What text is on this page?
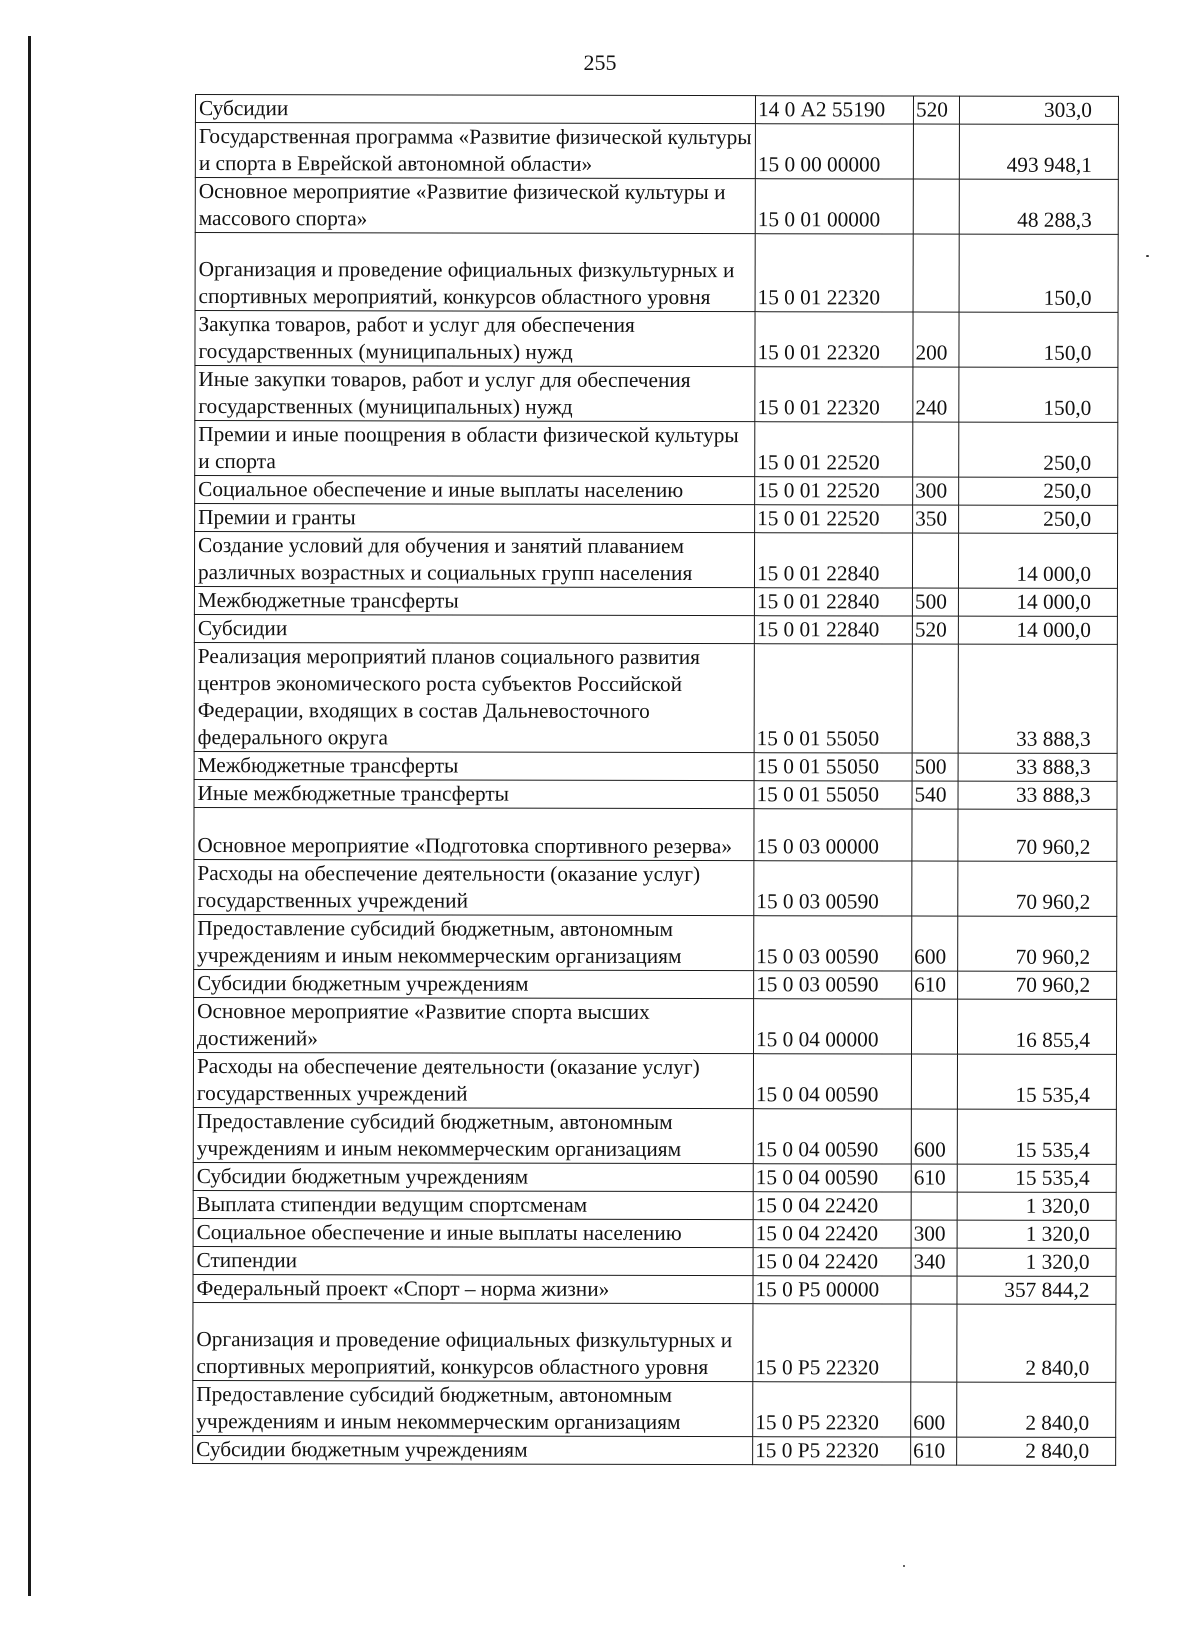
255
Субсидии	14 0 А2 55190	520	303,0
Государственная программа «Развитие физической культуры и спорта в Еврейской автономной области»	15 0 00 00000		493 948,1
Основное мероприятие «Развитие физической культуры и массового спорта»	15 0 01 00000		48 288,3
Организация и проведение официальных физкультурных и спортивных мероприятий, конкурсов областного уровня	15 0 01 22320		150,0
Закупка товаров, работ и услуг для обеспечения государственных (муниципальных) нужд	15 0 01 22320	200	150,0
Иные закупки товаров, работ и услуг для обеспечения государственных (муниципальных) нужд	15 0 01 22320	240	150,0
Премии и иные поощрения в области физической культуры и спорта	15 0 01 22520		250,0
Социальное обеспечение и иные выплаты населению	15 0 01 22520	300	250,0
Премии и гранты	15 0 01 22520	350	250,0
Создание условий для обучения и занятий плаванием различных возрастных и социальных групп населения	15 0 01 22840		14 000,0
Межбюджетные трансферты	15 0 01 22840	500	14 000,0
Субсидии	15 0 01 22840	520	14 000,0
Реализация мероприятий планов социального развития центров экономического роста субъектов Российской Федерации, входящих в состав Дальневосточного федерального округа	15 0 01 55050		33 888,3
Межбюджетные трансферты	15 0 01 55050	500	33 888,3
Иные межбюджетные трансферты	15 0 01 55050	540	33 888,3
Основное мероприятие «Подготовка спортивного резерва»	15 0 03 00000		70 960,2
Расходы на обеспечение деятельности (оказание услуг) государственных учреждений	15 0 03 00590		70 960,2
Предоставление субсидий бюджетным, автономным учреждениям и иным некоммерческим организациям	15 0 03 00590	600	70 960,2
Субсидии бюджетным учреждениям	15 0 03 00590	610	70 960,2
Основное мероприятие «Развитие спорта высших достижений»	15 0 04 00000		16 855,4
Расходы на обеспечение деятельности (оказание услуг) государственных учреждений	15 0 04 00590		15 535,4
Предоставление субсидий бюджетным, автономным учреждениям и иным некоммерческим организациям	15 0 04 00590	600	15 535,4
Субсидии бюджетным учреждениям	15 0 04 00590	610	15 535,4
Выплата стипендии ведущим спортсменам	15 0 04 22420		1 320,0
Социальное обеспечение и иные выплаты населению	15 0 04 22420	300	1 320,0
Стипендии	15 0 04 22420	340	1 320,0
Федеральный проект «Спорт – норма жизни»	15 0 Р5 00000		357 844,2
Организация и проведение официальных физкультурных и спортивных мероприятий, конкурсов областного уровня	15 0 Р5 22320		2 840,0
Предоставление субсидий бюджетным, автономным учреждениям и иным некоммерческим организациям	15 0 Р5 22320	600	2 840,0
Субсидии бюджетным учреждениям	15 0 Р5 22320	610	2 840,0
